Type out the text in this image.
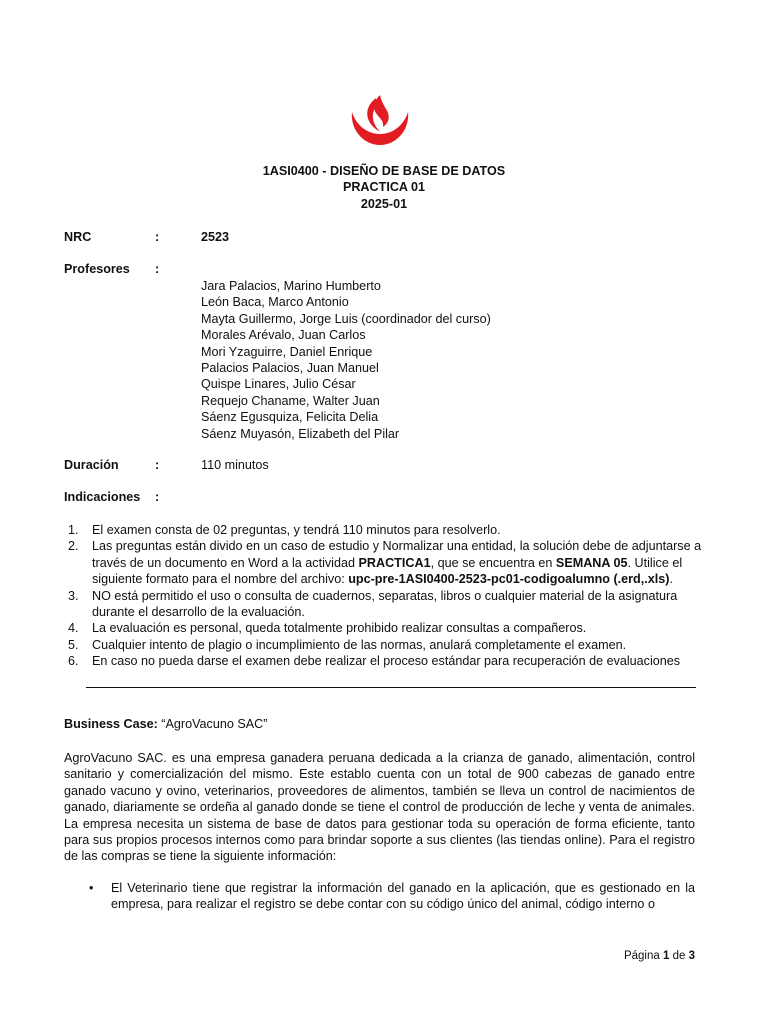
1ASI0400 - DISEÑO DE BASE DE DATOS
PRACTICA 01
2025-01
NRC	:	2523
Profesores :
Jara Palacios, Marino Humberto
León Baca, Marco Antonio
Mayta Guillermo, Jorge Luis (coordinador del curso)
Morales Arévalo, Juan Carlos
Mori Yzaguirre, Daniel Enrique
Palacios Palacios, Juan Manuel
Quispe Linares, Julio César
Requejo Chaname, Walter Juan
Sáenz Egusquiza, Felicita Delia
Sáenz Muyasón, Elizabeth del Pilar
Duración	:	110 minutos
Indicaciones :
1. El examen consta de 02 preguntas, y tendrá 110 minutos para resolverlo.
2. Las preguntas están divido en un caso de estudio y Normalizar una entidad, la solución debe de adjuntarse a través de un documento en Word a la actividad PRACTICA1, que se encuentra en SEMANA 05. Utilice el siguiente formato para el nombre del archivo: upc-pre-1ASI0400-2523-pc01-codigoalumno (.erd,.xls).
3. NO está permitido el uso o consulta de cuadernos, separatas, libros o cualquier material de la asignatura durante el desarrollo de la evaluación.
4. La evaluación es personal, queda totalmente prohibido realizar consultas a compañeros.
5. Cualquier intento de plagio o incumplimiento de las normas, anulará completamente el examen.
6. En caso no pueda darse el examen debe realizar el proceso estándar para recuperación de evaluaciones
Business Case: “AgroVacuno SAC”

AgroVacuno SAC. es una empresa ganadera peruana dedicada a la crianza de ganado, alimentación, control sanitario y comercialización del mismo. Este establo cuenta con un total de 900 cabezas de ganado entre ganado vacuno y ovino, veterinarios, proveedores de alimentos, también se lleva un control de nacimientos de ganado, diariamente se ordeña al ganado donde se tiene el control de producción de leche y venta de animales. La empresa necesita un sistema de base de datos para gestionar toda su operación de forma eficiente, tanto para sus propios procesos internos como para brindar soporte a sus clientes (las tiendas online). Para el registro de las compras se tiene la siguiente información:

• El Veterinario tiene que registrar la información del ganado en la aplicación, que es gestionado en la empresa, para realizar el registro se debe contar con su código único del animal, código interno o
Página 1 de 3
